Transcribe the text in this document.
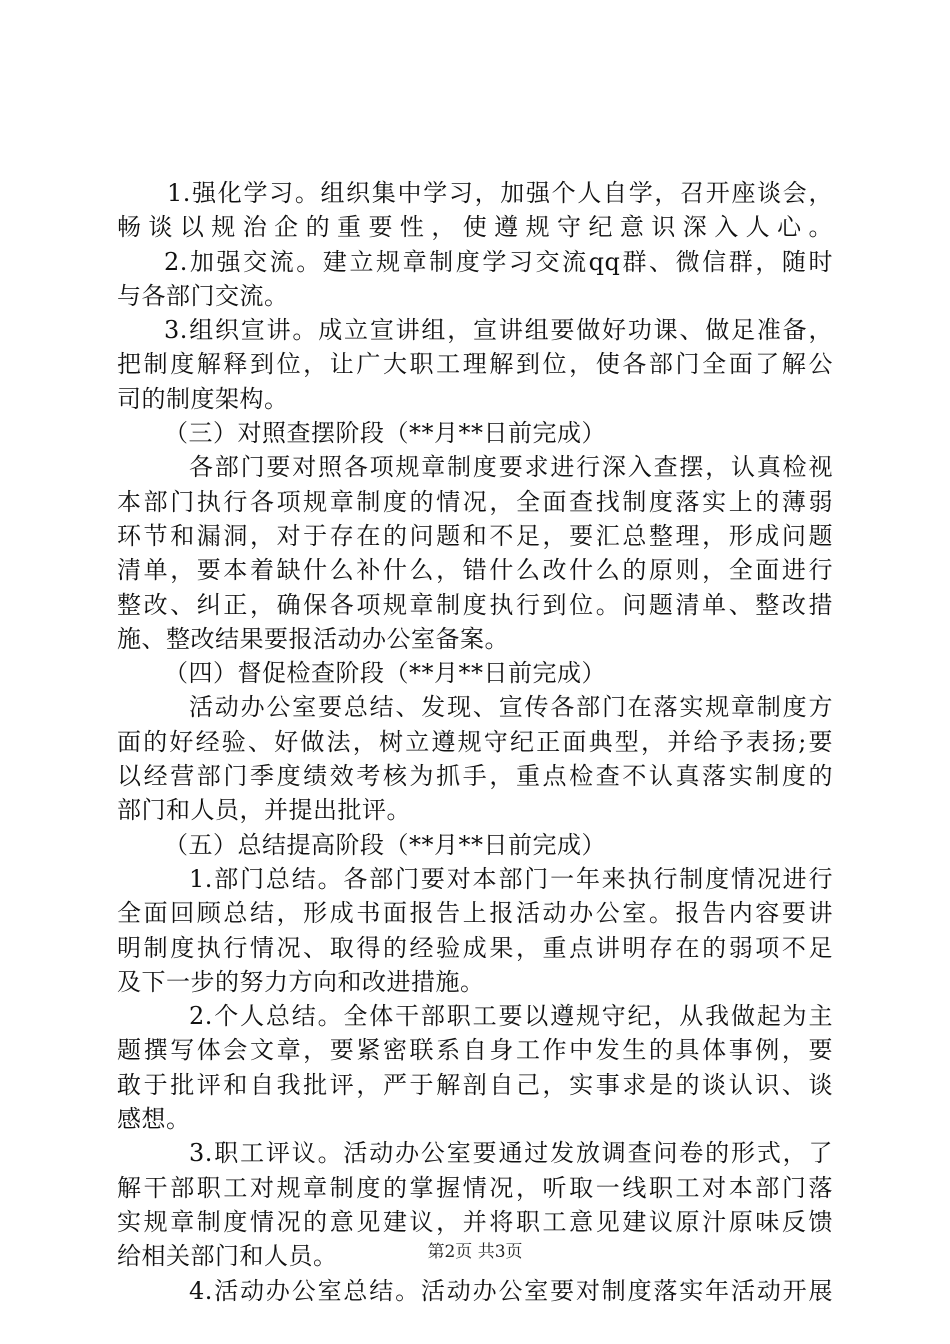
1.强化学习。组织集中学习，加强个人自学，召开座谈会，
畅谈以规治企的重要性，使遵规守纪意识深入人心。
2.加强交流。建立规章制度学习交流qq群、微信群，随时
与各部门交流。
3.组织宣讲。成立宣讲组，宣讲组要做好功课、做足准备，
把制度解释到位，让广大职工理解到位，使各部门全面了解公
司的制度架构。
（三）对照查摆阶段（**月**日前完成）
各部门要对照各项规章制度要求进行深入查摆，认真检视
本部门执行各项规章制度的情况，全面查找制度落实上的薄弱
环节和漏洞，对于存在的问题和不足，要汇总整理，形成问题
清单，要本着缺什么补什么，错什么改什么的原则，全面进行
整改、纠正，确保各项规章制度执行到位。问题清单、整改措
施、整改结果要报活动办公室备案。
（四）督促检查阶段（**月**日前完成）
活动办公室要总结、发现、宣传各部门在落实规章制度方
面的好经验、好做法，树立遵规守纪正面典型，并给予表扬;要
以经营部门季度绩效考核为抓手，重点检查不认真落实制度的
部门和人员，并提出批评。
（五）总结提高阶段（**月**日前完成）
1.部门总结。各部门要对本部门一年来执行制度情况进行
全面回顾总结，形成书面报告上报活动办公室。报告内容要讲
明制度执行情况、取得的经验成果，重点讲明存在的弱项不足
及下一步的努力方向和改进措施。
2.个人总结。全体干部职工要以遵规守纪，从我做起为主
题撰写体会文章，要紧密联系自身工作中发生的具体事例，要
敢于批评和自我批评，严于解剖自己，实事求是的谈认识、谈
感想。
3.职工评议。活动办公室要通过发放调查问卷的形式，了
解干部职工对规章制度的掌握情况，听取一线职工对本部门落
实规章制度情况的意见建议，并将职工意见建议原汁原味反馈
给相关部门和人员。
4.活动办公室总结。活动办公室要对制度落实年活动开展
第2页 共3页
